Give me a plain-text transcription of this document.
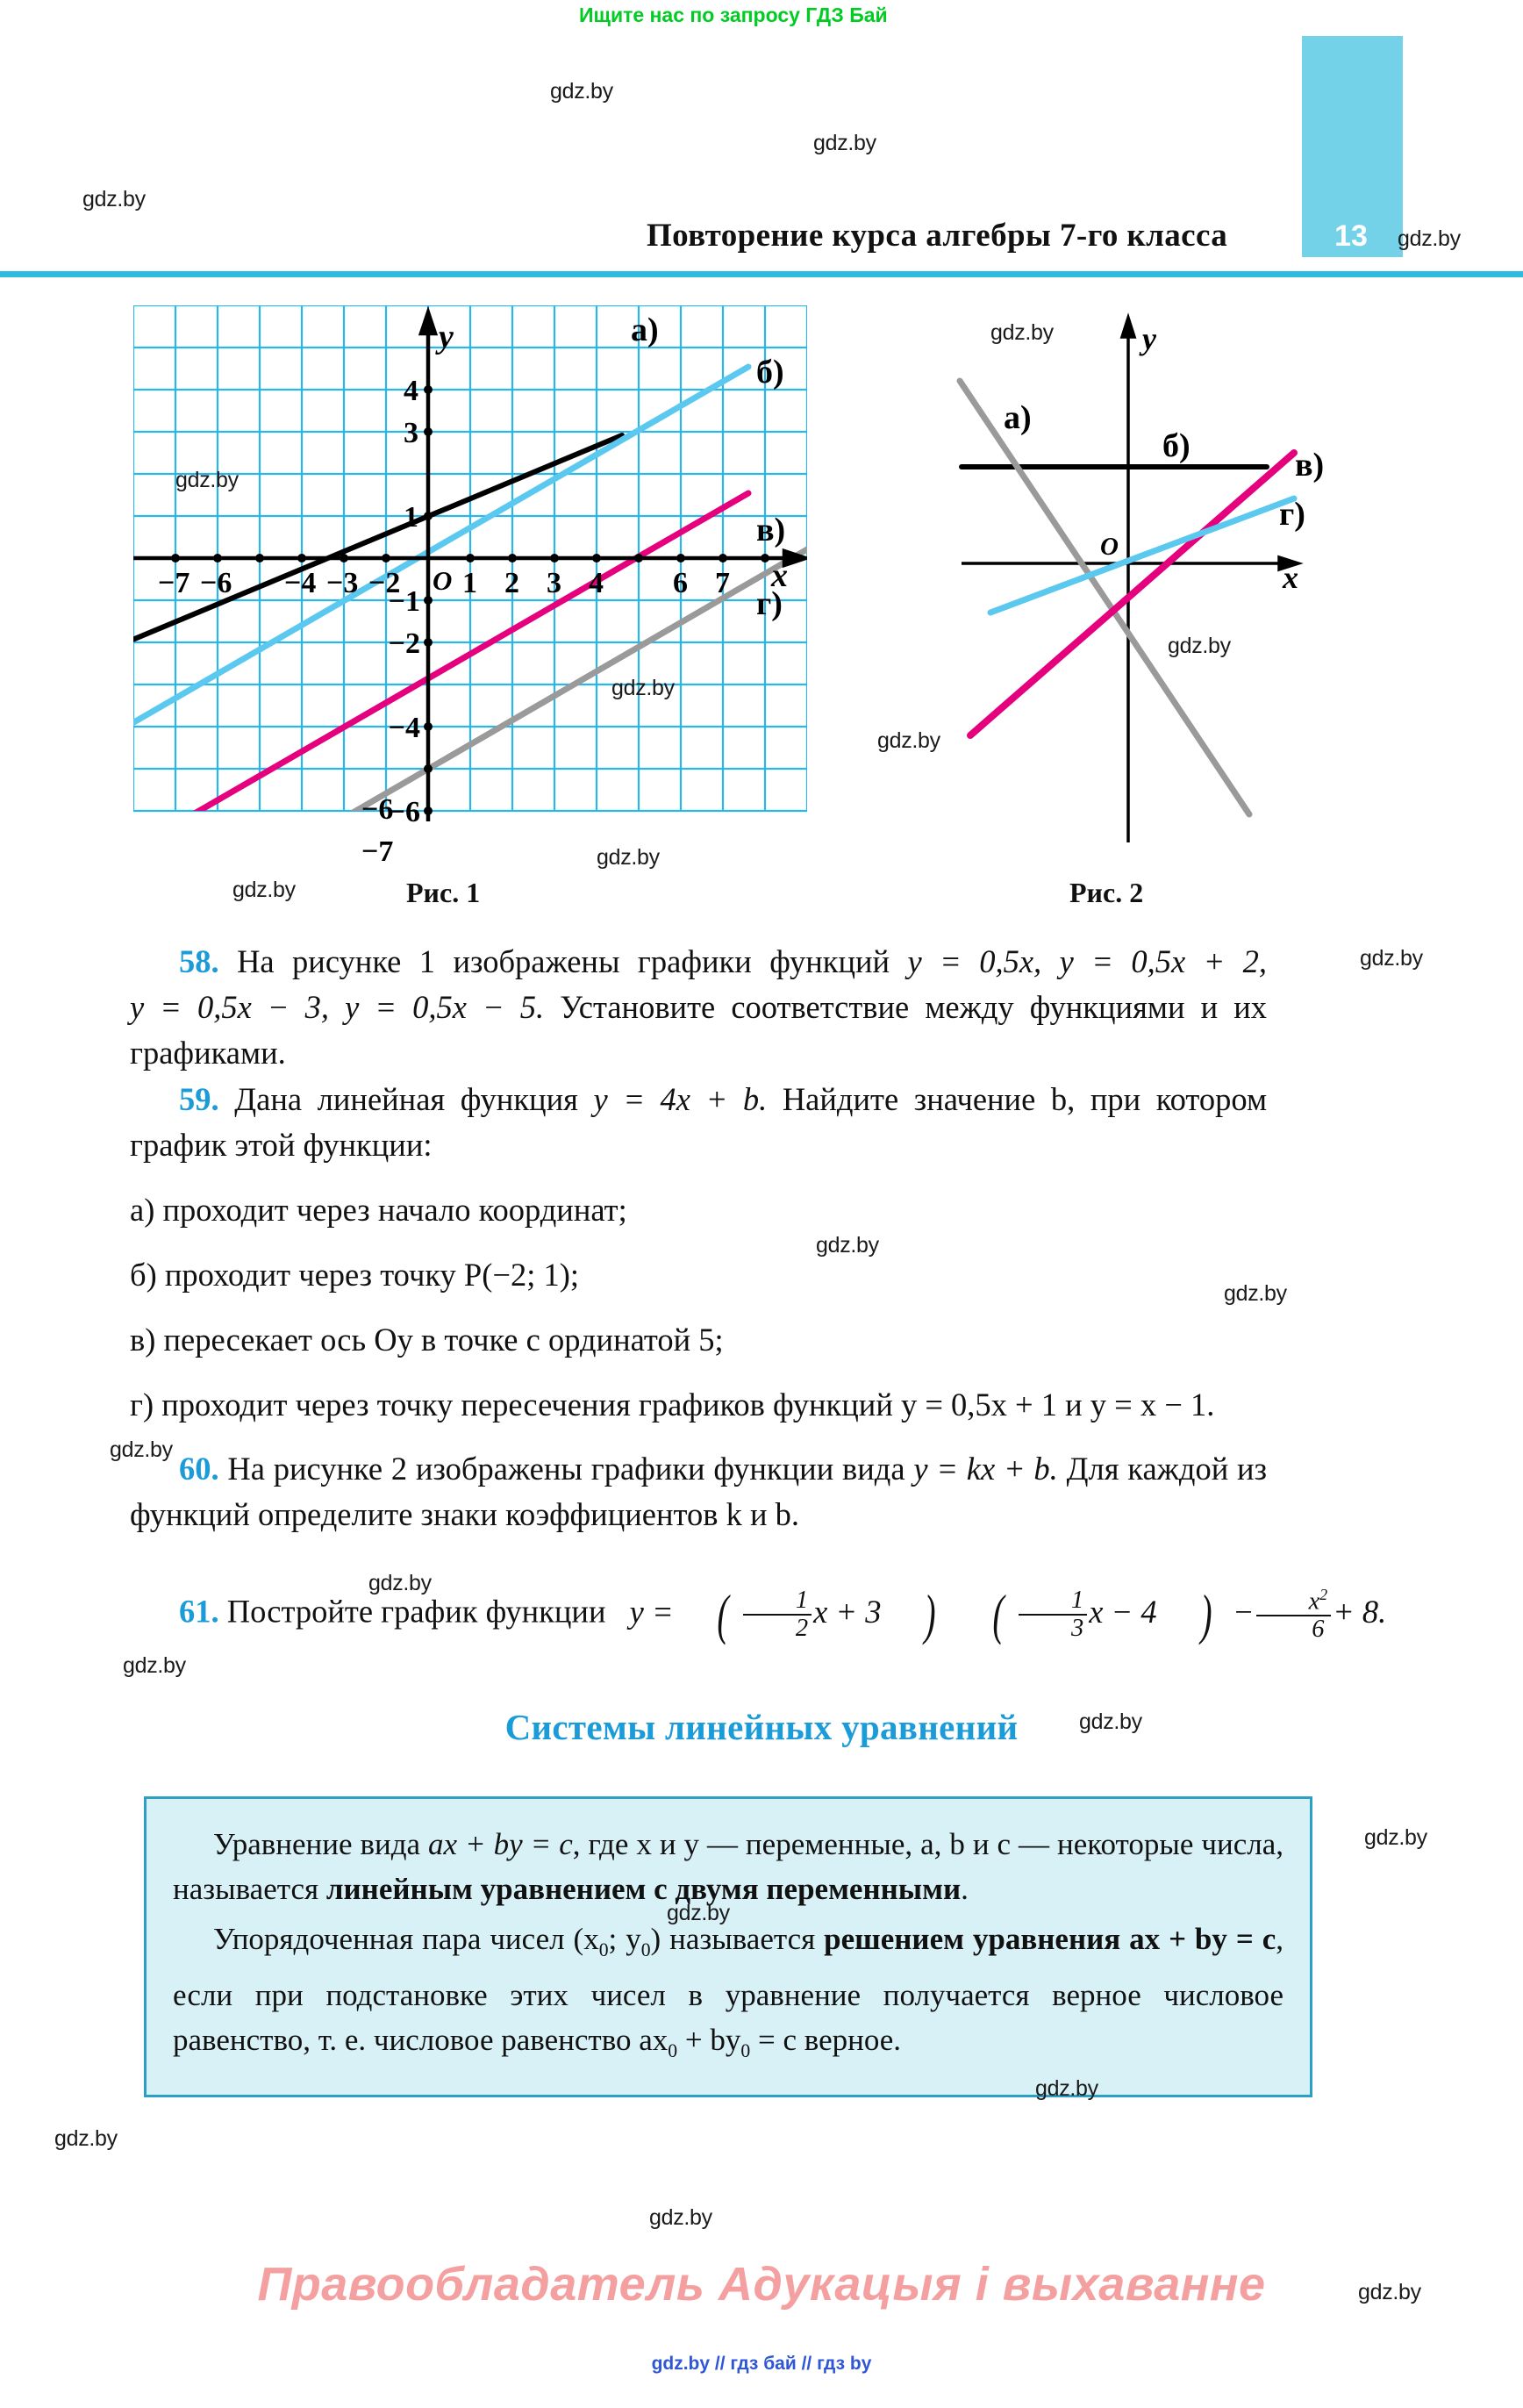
Ищите нас по запросу ГДЗ Бай
Повторение курса алгебры 7-го класса	13
y
x
O
−7 −6 −4 −3 −2 1 2 3 4 6 7
4
3
1
−1
−2
−4
−6
а)
б)
в)
г)
−6
−7
Рис. 1
y
x
O
а)
б)
в)
г)
Рис. 2

58. На рисунке 1 изображены графики функций y = 0,5x, y = 0,5x + 2, y = 0,5x − 3, y = 0,5x − 5. Установите соответствие между функциями и их графиками.

59. Дана линейная функция y = 4x + b. Найдите значение b, при котором график этой функции:

а) проходит через начало координат;

б) проходит через точку P(−2; 1);

в) пересекает ось Oy в точке с ординатой 5;

г) проходит через точку пересечения графиков функций y = 0,5x + 1 и y = x − 1.

60. На рисунке 2 изображены графики функции вида y = kx + b. Для каждой из функций определите знаки коэффициентов k и b.

61. Постройте график функции y = ( $\frac{1}{2}$ x + 3 ) ( $\frac{1}{3}$ x − 4 ) − $\frac{x^2}{6} + 8$.

Системы линейных уравнений

Уравнение вида ax + by = c, где x и y — переменные, a, b и c — некоторые числа, называется линейным уравнением с двумя переменными.

Упорядоченная пара чисел ($x_0$; $y_0$) называется решением уравнения ax + by = c, если при подстановке этих чисел в уравнение получается верное числовое равенство, т. е. числовое равенство $ax_0 + by_0 = c$ верное.

Правообладатель Адукацыя і выхаванне
gdz.by // гдз бай // гдз by
gdz.by
gdz.by
gdz.by
gdz.by
gdz.by
gdz.by
gdz.by
gdz.by
gdz.by
gdz.by
gdz.by
gdz.by
gdz.by
gdz.by
gdz.by
gdz.by
gdz.by
gdz.by
gdz.by
gdz.by
gdz.by
gdz.by
gdz.by
gdz.by
